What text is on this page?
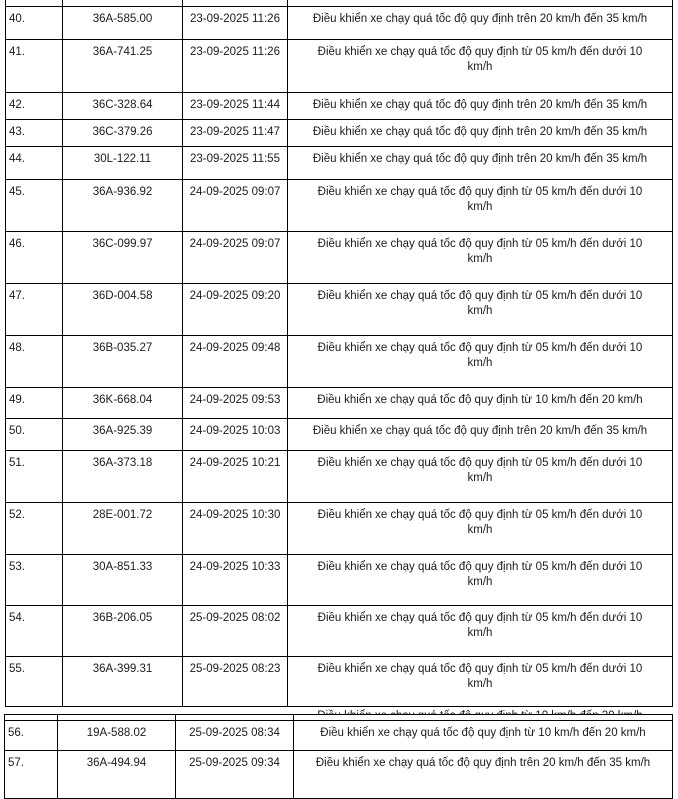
40.	36A-585.00	23-09-2025 11:26	Điều khiển xe chạy quá tốc độ quy định trên 20 km/h đến 35 km/h
41.	36A-741.25	23-09-2025 11:26	Điều khiển xe chạy quá tốc độ quy định từ 05 km/h đến dưới 10
km/h
42.	36C-328.64	23-09-2025 11:44	Điều khiển xe chạy quá tốc độ quy định trên 20 km/h đến 35 km/h
43.	36C-379.26	23-09-2025 11:47	Điều khiển xe chạy quá tốc độ quy định trên 20 km/h đến 35 km/h
44.	30L-122.11	23-09-2025 11:55	Điều khiển xe chạy quá tốc độ quy định trên 20 km/h đến 35 km/h
45.	36A-936.92	24-09-2025 09:07	Điều khiển xe chạy quá tốc độ quy định từ 05 km/h đến dưới 10
km/h
46.	36C-099.97	24-09-2025 09:07	Điều khiển xe chạy quá tốc độ quy định từ 05 km/h đến dưới 10
km/h
47.	36D-004.58	24-09-2025 09:20	Điều khiển xe chạy quá tốc độ quy định từ 05 km/h đến dưới 10
km/h
48.	36B-035.27	24-09-2025 09:48	Điều khiển xe chạy quá tốc độ quy định từ 05 km/h đến dưới 10
km/h
49.	36K-668.04	24-09-2025 09:53	Điều khiển xe chạy quá tốc độ quy định từ 10 km/h đến 20 km/h
50.	36A-925.39	24-09-2025 10:03	Điều khiển xe chạy quá tốc độ quy định trên 20 km/h đến 35 km/h
51.	36A-373.18	24-09-2025 10:21	Điều khiển xe chạy quá tốc độ quy định từ 05 km/h đến dưới 10
km/h
52.	28E-001.72	24-09-2025 10:30	Điều khiển xe chạy quá tốc độ quy định từ 05 km/h đến dưới 10
km/h
53.	30A-851.33	24-09-2025 10:33	Điều khiển xe chạy quá tốc độ quy định từ 05 km/h đến dưới 10
km/h
54.	36B-206.05	25-09-2025 08:02	Điều khiển xe chạy quá tốc độ quy định từ 05 km/h đến dưới 10
km/h
55.	36A-399.31	25-09-2025 08:23	Điều khiển xe chạy quá tốc độ quy định từ 05 km/h đến dưới 10
km/h

56.	19A-588.02	25-09-2025 08:34	Điều khiển xe chạy quá tốc độ quy định từ 10 km/h đến 20 km/h
57.	36A-494.94	25-09-2025 09:34	Điều khiển xe chạy quá tốc độ quy định trên 20 km/h đến 35 km/h
